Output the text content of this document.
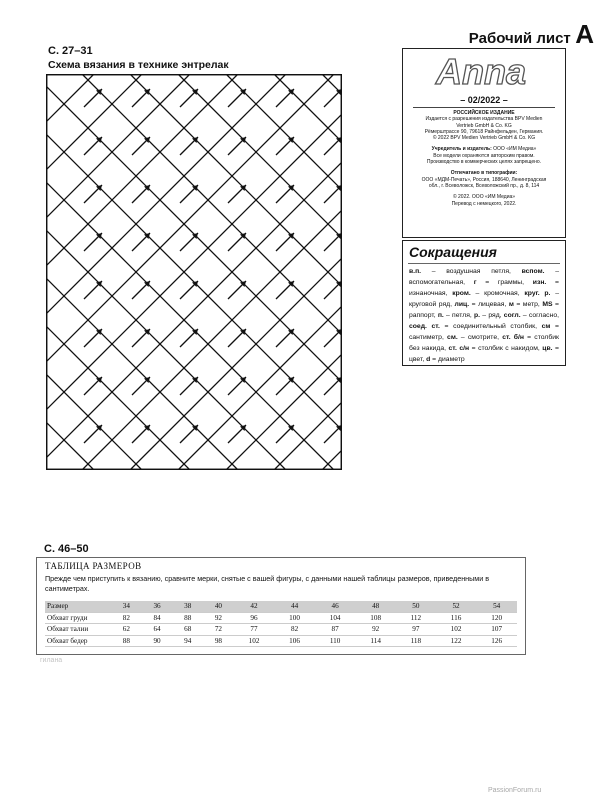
С. 27–31
Схема вязания в технике энтрелак
Рабочий лист A
Anna
– 02/2022 –
РОССИЙСКОЕ ИЗДАНИЕ
Издается с разрешения издательства BPV Medien
Vertrieb GmbH & Co. KG
Рёмерштрассе 90, 79618 Райнфельден, Германия.
© 2022 BPV Medien Vertrieb GmbH & Co. KG
Учредитель и издатель: ООО «ИМ Медиа»
Все модели охраняются авторским правом.
Производство в коммерческих целях запрещено.
Отпечатано в типографии:
ООО «МДМ-Печать», Россия, 188640, Ленинградская
обл., г. Всеволожск, Всеволожский пр., д. 8, 114
© 2022. ООО «ИМ Медиа»
Перевод с немецкого, 2022.
Сокращения
в.п. – воздушная петля, вспом. – вспомогательная, г = граммы, изн. = изнаночная, кром. – кромочная, круг. р. – круговой ряд, лиц. = лицевая, м = метр, MS = раппорт, п. – петля, р. – ряд, согл. – согласно, соед. ст. = соединительный столбик, см = сантиметр, см. – смотрите, ст. б/н = столбик без накида, ст. с/н = столбик с накидом, цв. = цвет, d = диаметр
С. 46–50
ТАБЛИЦА РАЗМЕРОВ
Прежде чем приступить к вязанию, сравните мерки, снятые с вашей фигуры, с данными нашей таблицы размеров, приведенными в сантиметрах.
Размер	34	36	38	40	42	44	46	48	50	52	54
Обхват груди	82	84	88	92	96	100	104	108	112	116	120
Обхват талии	62	64	68	72	77	82	87	92	97	102	107
Обхват бедер	88	90	94	98	102	106	110	114	118	122	126
гилана
PassionForum.ru
